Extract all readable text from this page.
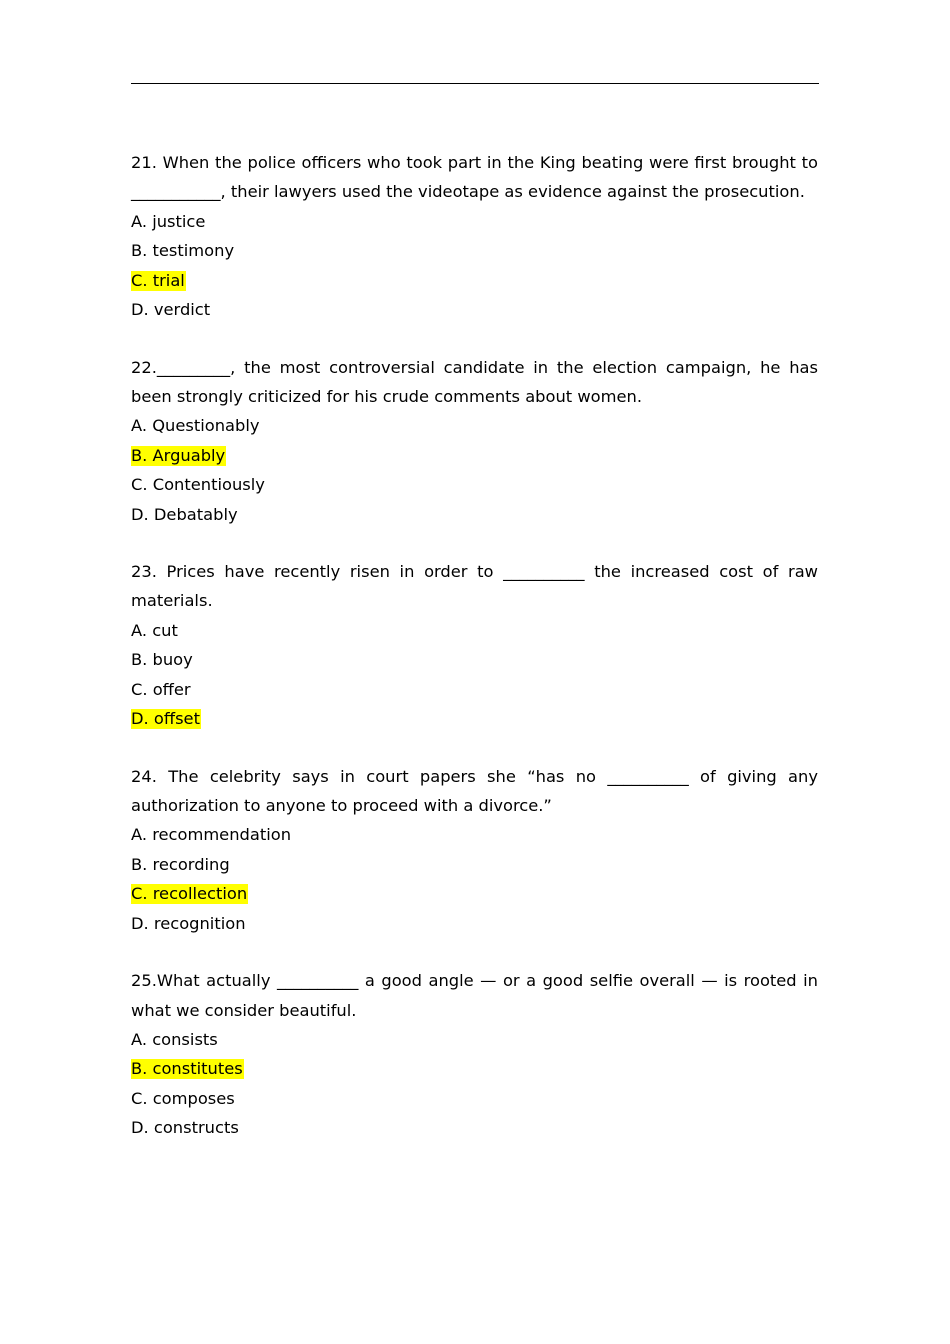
21. When the police officers who took part in the King beating were first brought to ___________, their lawyers used the videotape as evidence against the prosecution.

A. justice

B. testimony

C. trial

D. verdict

22._________, the most controversial candidate in the election campaign, he has been strongly criticized for his crude comments about women.

A. Questionably

B. Arguably

C. Contentiously

D. Debatably

23. Prices have recently risen in order to __________ the increased cost of raw materials.

A. cut

B. buoy

C. offer

D. offset

24. The celebrity says in court papers she “has no __________ of giving any authorization to anyone to proceed with a divorce.”

A. recommendation

B. recording

C. recollection

D. recognition

25.What actually __________ a good angle — or a good selfie overall — is rooted in what we consider beautiful.

A. consists

B. constitutes

C. composes

D. constructs
